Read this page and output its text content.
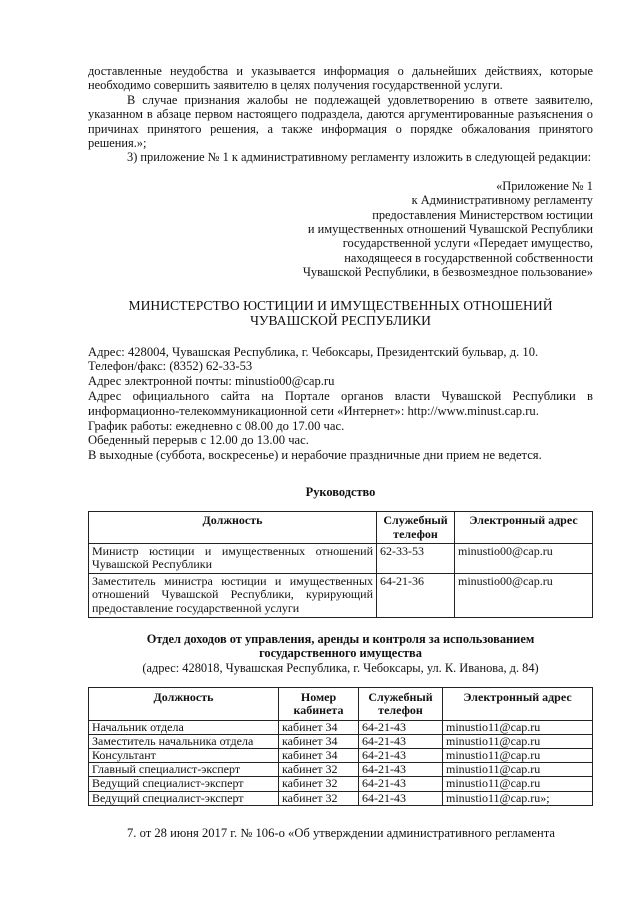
доставленные неудобства и указывается информация о дальнейших действиях, которые необходимо совершить заявителю в целях получения государственной услуги.

В случае признания жалобы не подлежащей удовлетворению в ответе заявителю, указанном в абзаце первом настоящего подраздела, даются аргументированные разъяснения о причинах принятого решения, а также информация о порядке обжалования принятого решения.»;

3) приложение № 1 к административному регламенту изложить в следующей редакции:

«Приложение № 1

к Административному регламенту

предоставления Министерством юстиции

и имущественных отношений Чувашской Республики

государственной услуги «Передает имущество,

находящееся в государственной собственности

Чувашской Республики, в безвозмездное пользование»

МИНИСТЕРСТВО ЮСТИЦИИ И ИМУЩЕСТВЕННЫХ ОТНОШЕНИЙ ЧУВАШСКОЙ РЕСПУБЛИКИ

Адрес: 428004, Чувашская Республика, г. Чебоксары, Президентский бульвар, д. 10.

Телефон/факс: (8352) 62-33-53

Адрес электронной почты: minustio00@cap.ru

Адрес официального сайта на Портале органов власти Чувашской Республики в информационно-телекоммуникационной сети «Интернет»: http://www.minust.cap.ru.

График работы: ежедневно с 08.00 до 17.00 час.

Обеденный перерыв с 12.00 до 13.00 час.

В выходные (суббота, воскресенье) и нерабочие праздничные дни прием не ведется.

Руководство

Должность	Служебный телефон	Электронный адрес
Министр юстиции и имущественных отношений Чувашской Республики	62-33-53	minustio00@cap.ru
Заместитель министра юстиции и имущественных отношений Чувашской Республики, курирующий предоставление государственной услуги	64-21-36	minustio00@cap.ru

Отдел доходов от управления, аренды и контроля за использованием государственного имущества

(адрес: 428018, Чувашская Республика, г. Чебоксары, ул. К. Иванова, д. 84)

Должность	Номер кабинета	Служебный телефон	Электронный адрес
Начальник отдела	кабинет 34	64-21-43	minustio11@cap.ru
Заместитель начальника отдела	кабинет 34	64-21-43	minustio11@cap.ru
Консультант	кабинет 34	64-21-43	minustio11@cap.ru
Главный специалист-эксперт	кабинет 32	64-21-43	minustio11@cap.ru
Ведущий специалист-эксперт	кабинет 32	64-21-43	minustio11@cap.ru
Ведущий специалист-эксперт	кабинет 32	64-21-43	minustio11@cap.ru»;

7. от 28 июня 2017 г. № 106-о «Об утверждении административного регламента
